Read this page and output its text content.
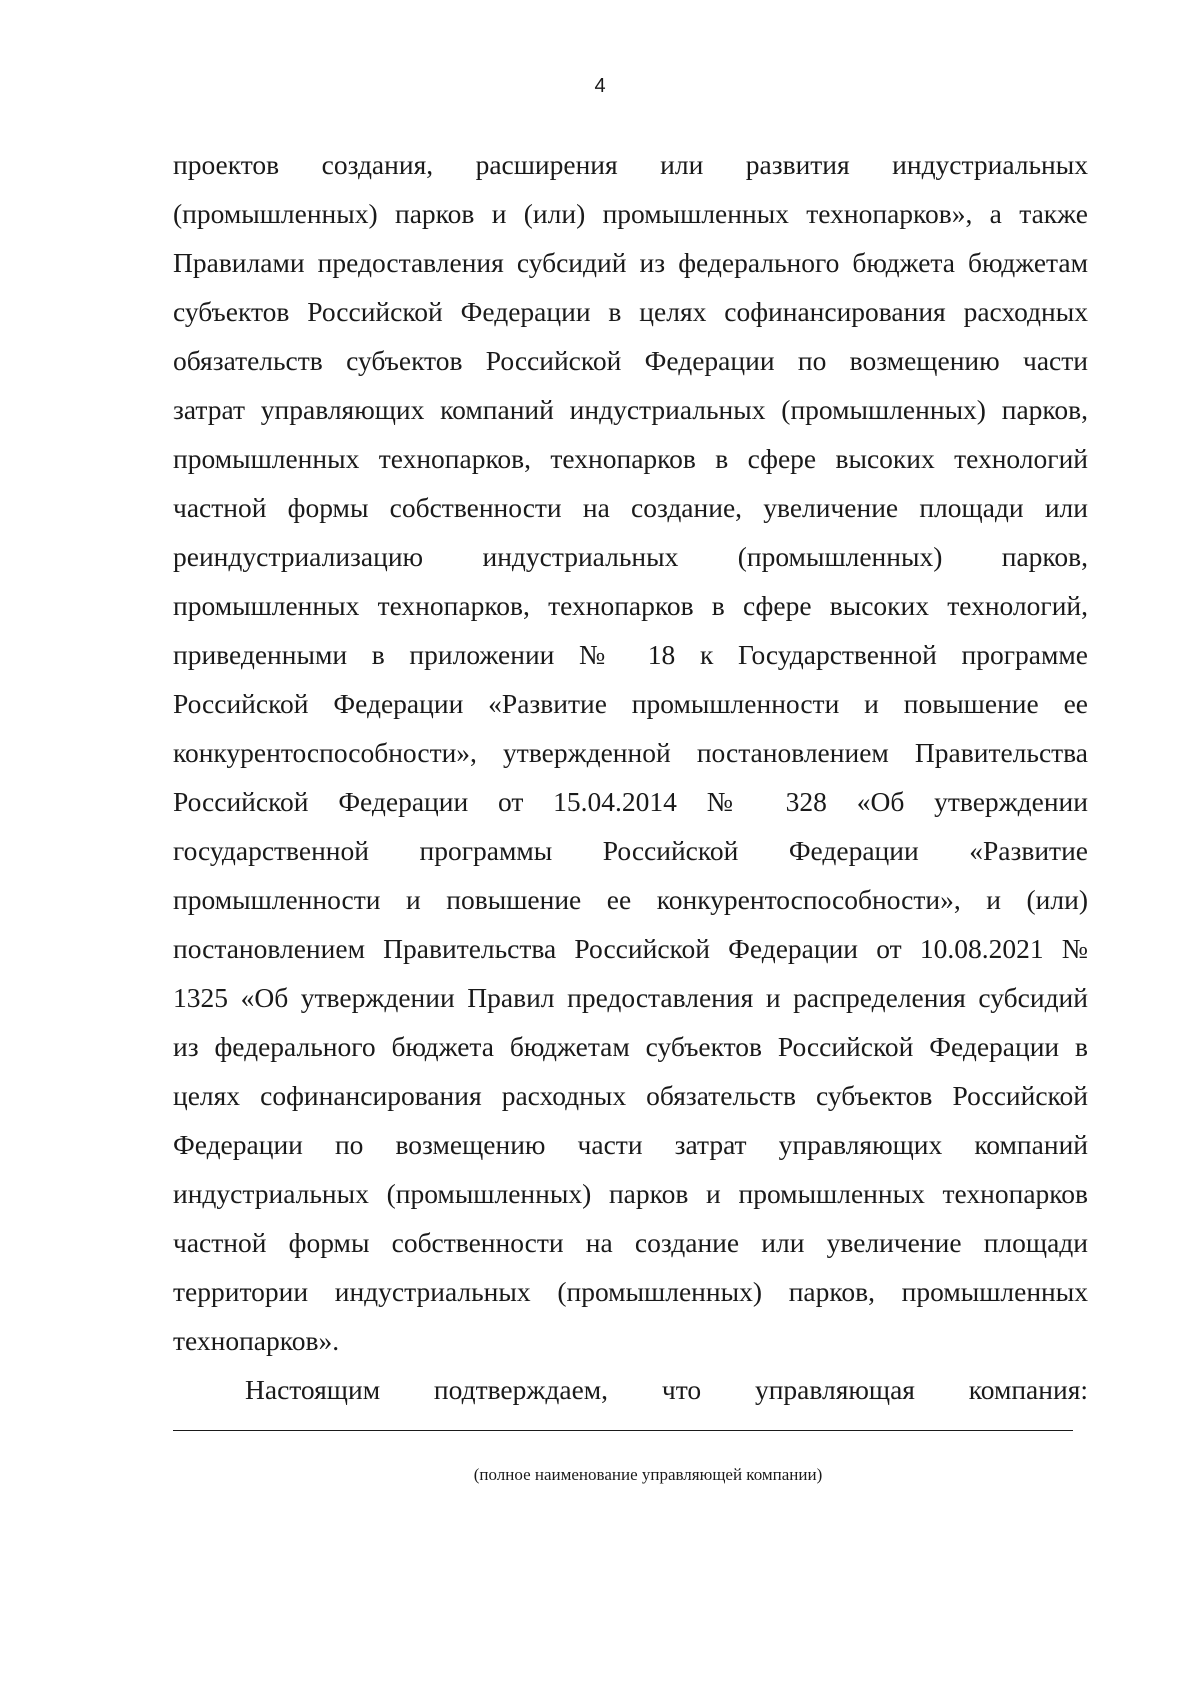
4
проектов создания, расширения или развития индустриальных
(промышленных) парков и (или) промышленных технопарков», а также
Правилами предоставления субсидий из федерального бюджета бюджетам
субъектов Российской Федерации в целях софинансирования расходных
обязательств субъектов Российской Федерации по возмещению части
затрат управляющих компаний индустриальных (промышленных) парков,
промышленных технопарков, технопарков в сфере высоких технологий
частной формы собственности на создание, увеличение площади или
реиндустриализацию индустриальных (промышленных) парков,
промышленных технопарков, технопарков в сфере высоких технологий,
приведенными в приложении № 18 к Государственной программе
Российской Федерации «Развитие промышленности и повышение ее
конкурентоспособности», утвержденной постановлением Правительства
Российской Федерации от 15.04.2014 № 328 «Об утверждении
государственной программы Российской Федерации «Развитие
промышленности и повышение ее конкурентоспособности», и (или)
постановлением Правительства Российской Федерации от 10.08.2021 №
1325 «Об утверждении Правил предоставления и распределения субсидий
из федерального бюджета бюджетам субъектов Российской Федерации в
целях софинансирования расходных обязательств субъектов Российской
Федерации по возмещению части затрат управляющих компаний
индустриальных (промышленных) парков и промышленных технопарков
частной формы собственности на создание или увеличение площади
территории индустриальных (промышленных) парков, промышленных
технопарков».
Настоящим подтверждаем, что управляющая компания:
(полное наименование управляющей компании)
